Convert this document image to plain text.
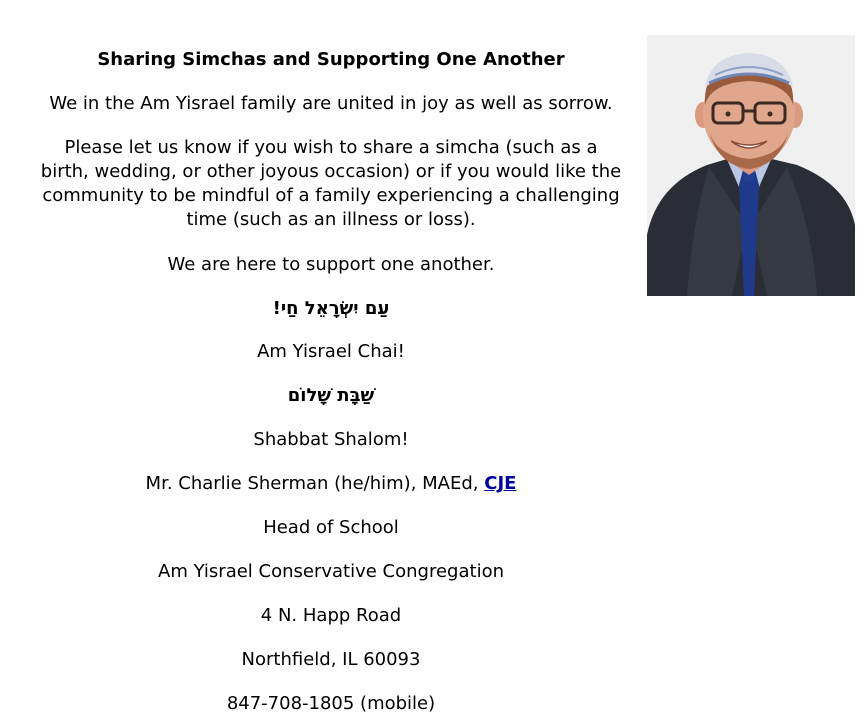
Sharing Simchas and Supporting One Another
We in the Am Yisrael family are united in joy as well as sorrow.
Please let us know if you wish to share a simcha (such as a birth, wedding, or other joyous occasion) or if you would like the community to be mindful of a family experiencing a challenging time (such as an illness or loss).
We are here to support one another.
עַם יִשְׂרָאֵל חַי!
Am Yisrael Chai!
שַׁבָּת שָׁלוֹם
Shabbat Shalom!
Mr. Charlie Sherman (he/him), MAEd, CJE
Head of School
Am Yisrael Conservative Congregation
4 N. Happ Road
Northfield, IL 60093
847-708-1805 (mobile)
